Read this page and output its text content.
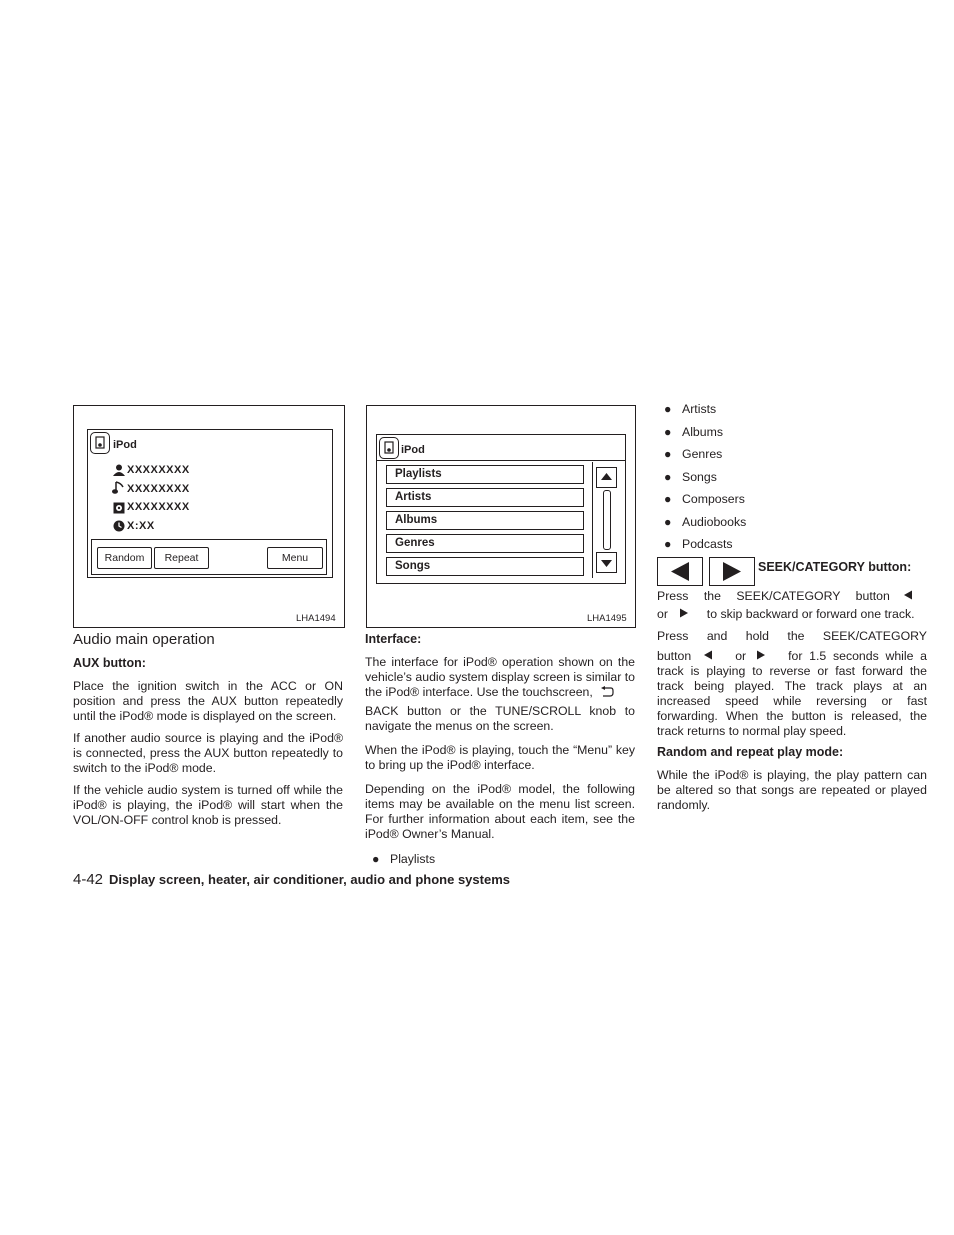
iPod
XXXXXXXX
XXXXXXXX
XXXXXXXX
X:XX
Random	Repeat	Menu
LHA1494
iPod
Playlists
Artists
Albums
Genres
Songs
LHA1495
Audio main operation
AUX button:

Place the ignition switch in the ACC or ON position and press the AUX button repeatedly until the iPod® mode is displayed on the screen.

If another audio source is playing and the iPod® is connected, press the AUX button repeatedly to switch to the iPod® mode.

If the vehicle audio system is turned off while the iPod® is playing, the iPod® will start when the VOL/ON-OFF control knob is pressed.

Interface:

The interface for iPod® operation shown on the vehicle’s audio system display screen is similar to the iPod® interface. Use the touchscreen,

BACK button or the TUNE/SCROLL knob to navigate the menus on the screen.

When the iPod® is playing, touch the “Menu” key to bring up the iPod® interface.

Depending on the iPod® model, the following items may be available on the menu list screen. For further information about each item, see the iPod® Owner’s Manual.

● Playlists
● Artists
● Albums
● Genres
● Songs
● Composers
● Audiobooks
● Podcasts
SEEK/CATEGORY button:
Press the SEEK/CATEGORY button
or	to skip backward or forward one track.
Press and hold the SEEK/CATEGORY
button	or	for 1.5 seconds while a

track is playing to reverse or fast forward the track being played. The track plays at an increased speed while reversing or fast forwarding. When the button is released, the track returns to normal play speed.

Random and repeat play mode:

While the iPod® is playing, the play pattern can be altered so that songs are repeated or played randomly.

4-42 Display screen, heater, air conditioner, audio and phone systems
